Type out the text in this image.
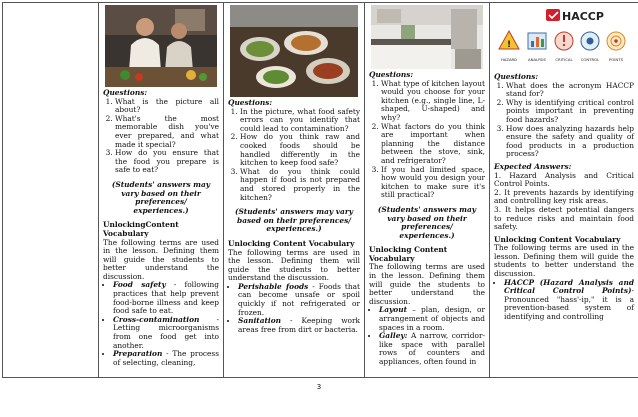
Questions:
1. What is the picture all about?
2. What's the most memorable dish you've ever prepared, and what made it special?
3. How do you ensure that the food you prepare is safe to eat?
(Students' answers may vary based on their preferences/ experiences.)
UnlockingContent Vocabulary

The following terms are used in the lesson. Defining them will guide the students to better understand the discussion.

• Food safety - following practices that help prevent food-borne illness and keep food safe to eat.
• Cross-contamination - Letting microorganisms from one food get into another.
• Preparation - The process of selecting, cleaning,

Questions:
1. In the picture, what food safety errors can you identify that could lead to contamination?
2. How do you think raw and cooked foods should be handled differently in the kitchen to keep food safe?
3. What do you think could happen if food is not prepared and stored properly in the kitchen?
(Students' answers may vary based on their preferences/ experiences.)
Unlocking Content Vocabulary

The following terms are used in the lesson. Defining them will guide the students to better understand the discussion.

• Perishable foods - Foods that can become unsafe or spoil quickly if not refrigerated or frozen.
• Sanitation - Keeping work areas free from dirt or bacteria.

Questions:
1. What type of kitchen layout would you choose for your kitchen (e.g., single line, L-shaped, U-shaped) and why?
2. What factors do you think are important when planning the distance between the stove, sink, and refrigerator?
3. If you had limited space, how would you design your kitchen to make sure it's still practical?
(Students' answers may vary based on their preferences/ experiences.)
Unlocking Content Vocabulary

The following terms are used in the lesson. Defining them will guide the students to better understand the discussion.

• Layout – plan, design, or arrangement of objects and spaces in a room.
• Galley: A narrow, corridor-like space with parallel rows of counters and appliances, often found in

HACCP
!
HAZARD	ANALYSIS CRITICAL CONTROL	POINTS
Questions:
1. What does the acronym HACCP stand for?
2. Why is identifying critical control points important in preventing food hazards?
3. How does analyzing hazards help ensure the safety and quality of food products in a production process?
Expected Answers:
1. Hazard Analysis and Critical Control Points.
2. It prevents hazards by identifying and controlling key risk areas.
3. It helps detect potential dangers to reduce risks and maintain food safety.
Unlocking Content Vocabulary

The following terms are used in the lesson. Defining them will guide the students to better understand the discussion.

• HACCP (Hazard Analysis and Critical Control Points)- Pronounced "hass'-ip," it is a prevention-based system of identifying and controlling
3
